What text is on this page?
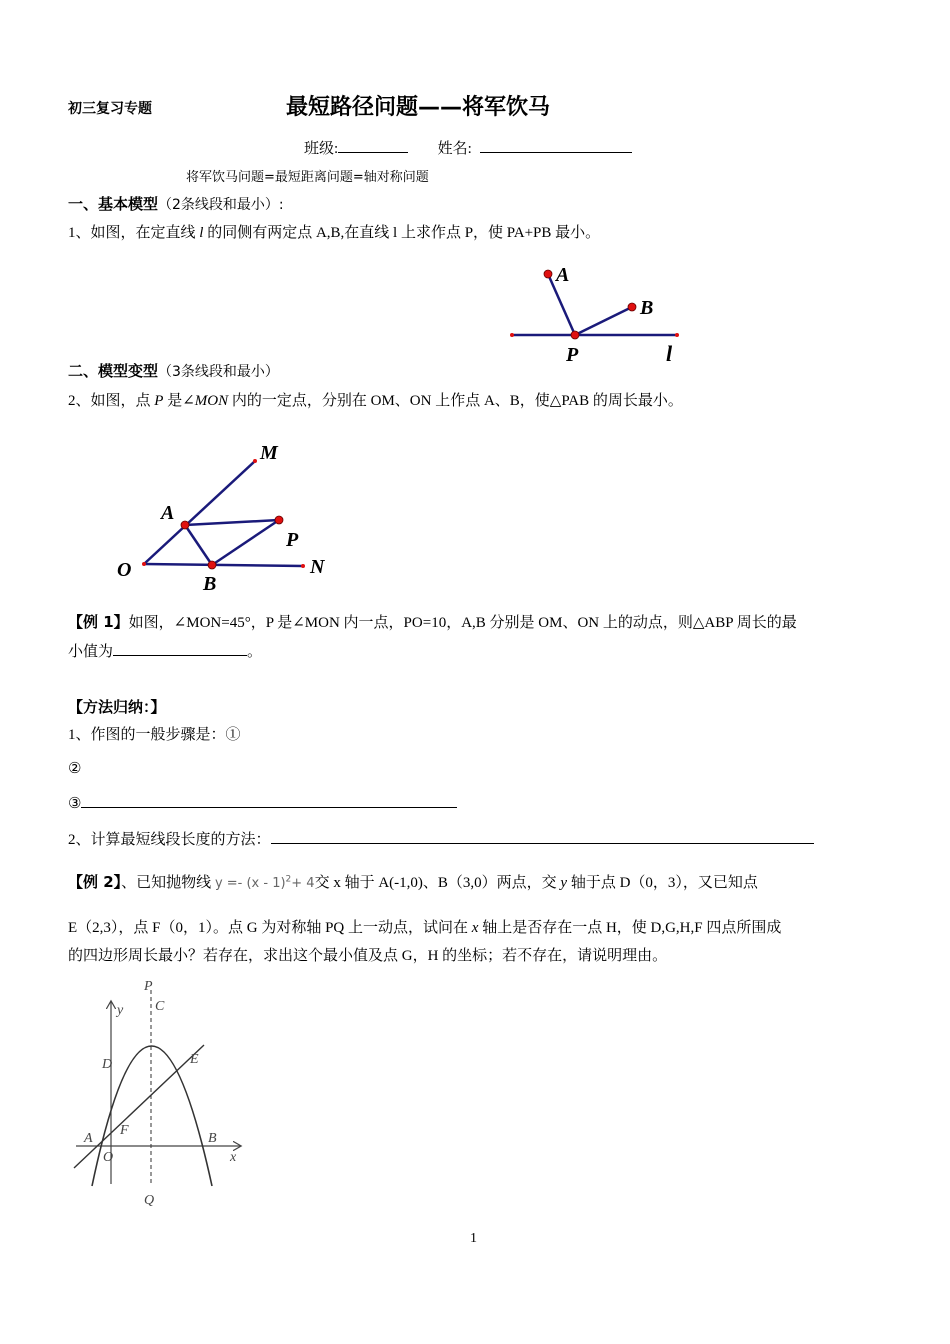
初三复习专题	最短路径问题——将军饮马
班级:	姓名:
将军饮马问题=最短距离问题=轴对称问题
一、基本模型（2条线段和最小）:
1、如图，在定直线 l 的同侧有两定点 A,B,在直线 l 上求作点 P，使 PA+PB 最小。
A
B
P	l
二、模型变型（3条线段和最小）
2、如图，点 P 是∠MON 内的一定点，分别在 OM、ON 上作点 A、B，使△PAB 的周长最小。
M
A
P
O
B
N
【例 1】如图，∠MON=45°，P 是∠MON 内一点，PO=10，A,B 分别是 OM、ON 上的动点，则△ABP 周长的最
小值为	。
【方法归纳：】
1、作图的一般步骤是：①
②
③
2、计算最短线段长度的方法：
【例 2】、已知抛物线 y =- (x - 1)$^2$+ 4交 x 轴于 A(-1,0)、B（3,0）两点，交 y 轴于点 D（0，3），又已知点
E（2,3），点 F（0，1）。点 G 为对称轴 PQ 上一动点，试问在 x 轴上是否存在一点 H，使 D,G,H,F 四点所围成
的四边形周长最小？若存在，求出这个最小值及点 G，H 的坐标；若不存在，请说明理由。
P
C
y
D	E
A
F
B
O	x
Q
1
